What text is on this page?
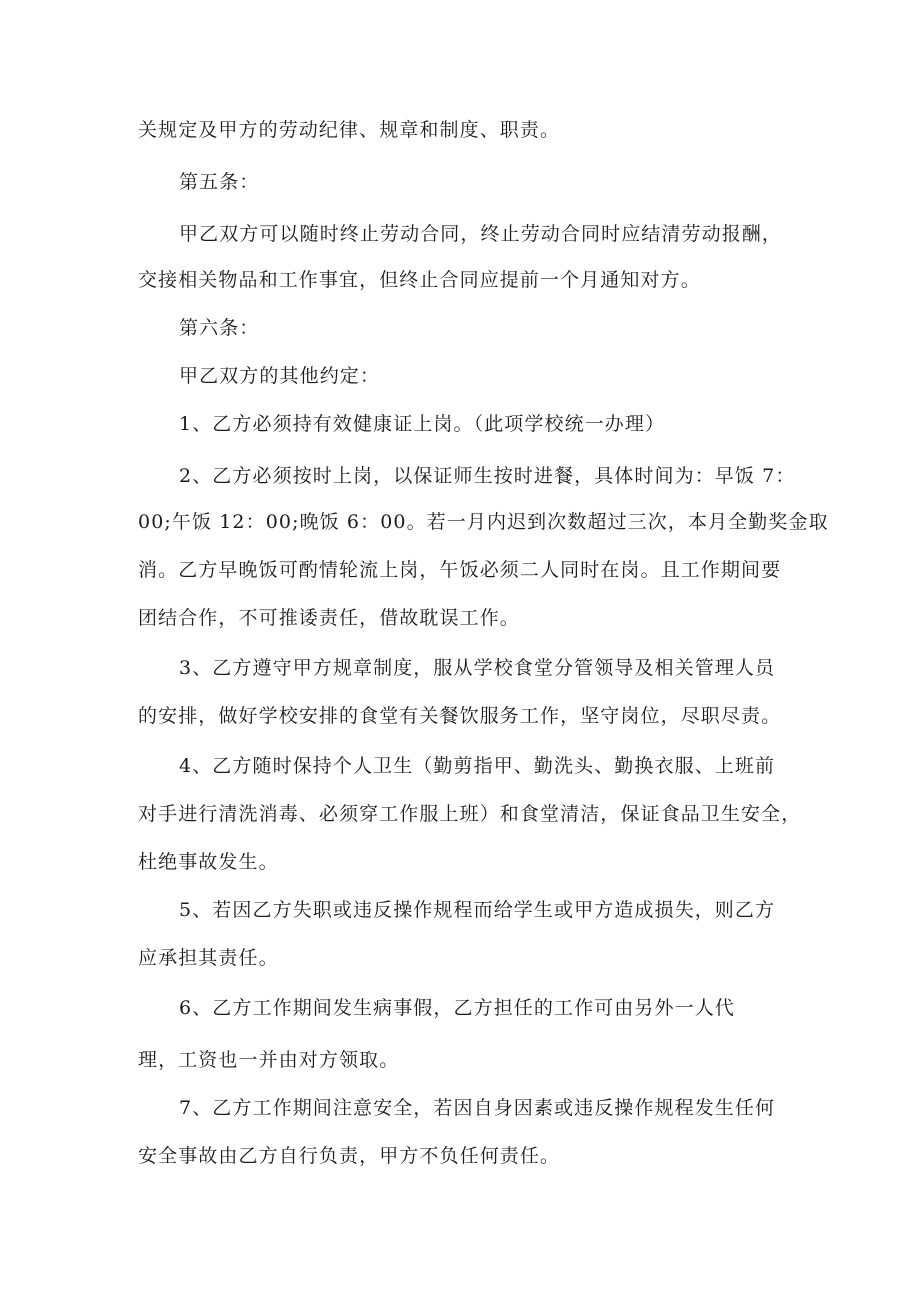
关规定及甲方的劳动纪律、规章和制度、职责。
第五条：
甲乙双方可以随时终止劳动合同，终止劳动合同时应结清劳动报酬，
交接相关物品和工作事宜，但终止合同应提前一个月通知对方。
第六条：
甲乙双方的其他约定：
1、乙方必须持有效健康证上岗。（此项学校统一办理）
2、乙方必须按时上岗，以保证师生按时进餐，具体时间为：早饭 7：
00;午饭 12：00;晚饭 6：00。若一月内迟到次数超过三次，本月全勤奖金取
消。乙方早晚饭可酌情轮流上岗，午饭必须二人同时在岗。且工作期间要
团结合作，不可推诿责任，借故耽误工作。
3、乙方遵守甲方规章制度，服从学校食堂分管领导及相关管理人员
的安排，做好学校安排的食堂有关餐饮服务工作，坚守岗位，尽职尽责。
4、乙方随时保持个人卫生（勤剪指甲、勤洗头、勤换衣服、上班前
对手进行清洗消毒、必须穿工作服上班）和食堂清洁，保证食品卫生安全，
杜绝事故发生。
5、若因乙方失职或违反操作规程而给学生或甲方造成损失，则乙方
应承担其责任。
6、乙方工作期间发生病事假，乙方担任的工作可由另外一人代
理，工资也一并由对方领取。
7、乙方工作期间注意安全，若因自身因素或违反操作规程发生任何
安全事故由乙方自行负责，甲方不负任何责任。
